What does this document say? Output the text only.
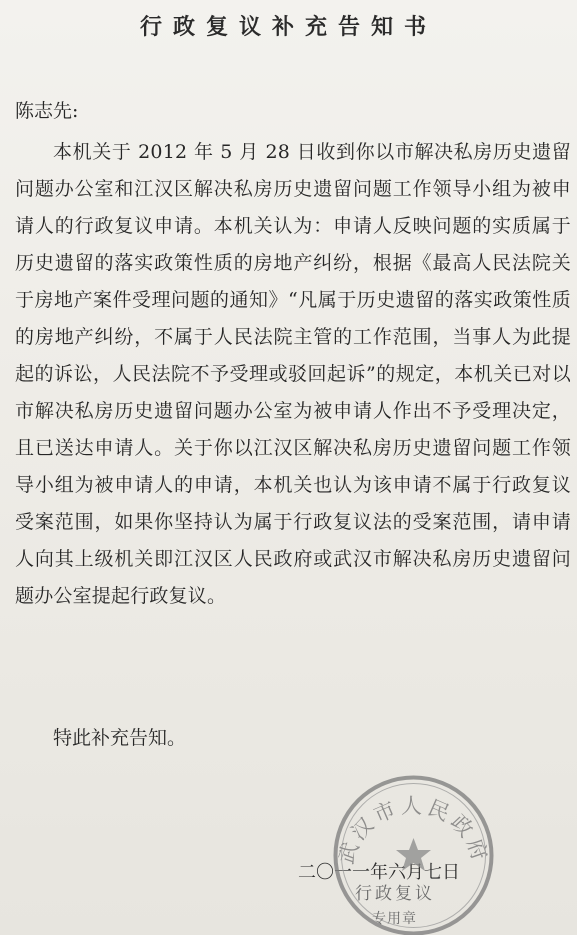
行政复议补充告知书
陈志先:
本机关于 2012 年 5 月 28 日收到你以市解决私房历史遗留问题办公室和江汉区解决私房历史遗留问题工作领导小组为被申请人的行政复议申请。本机关认为：申请人反映问题的实质属于历史遗留的落实政策性质的房地产纠纷，根据《最高人民法院关于房地产案件受理问题的通知》“凡属于历史遗留的落实政策性质的房地产纠纷，不属于人民法院主管的工作范围，当事人为此提起的诉讼，人民法院不予受理或驳回起诉”的规定，本机关已对以市解决私房历史遗留问题办公室为被申请人作出不予受理决定，且已送达申请人。关于你以江汉区解决私房历史遗留问题工作领导小组为被申请人的申请，本机关也认为该申请不属于行政复议受案范围，如果你坚持认为属于行政复议法的受案范围，请申请人向其上级机关即江汉区人民政府或武汉市解决私房历史遗留问题办公室提起行政复议。
特此补充告知。
二〇一一年六月七日
武汉市人民政府
行政复议
专用章
